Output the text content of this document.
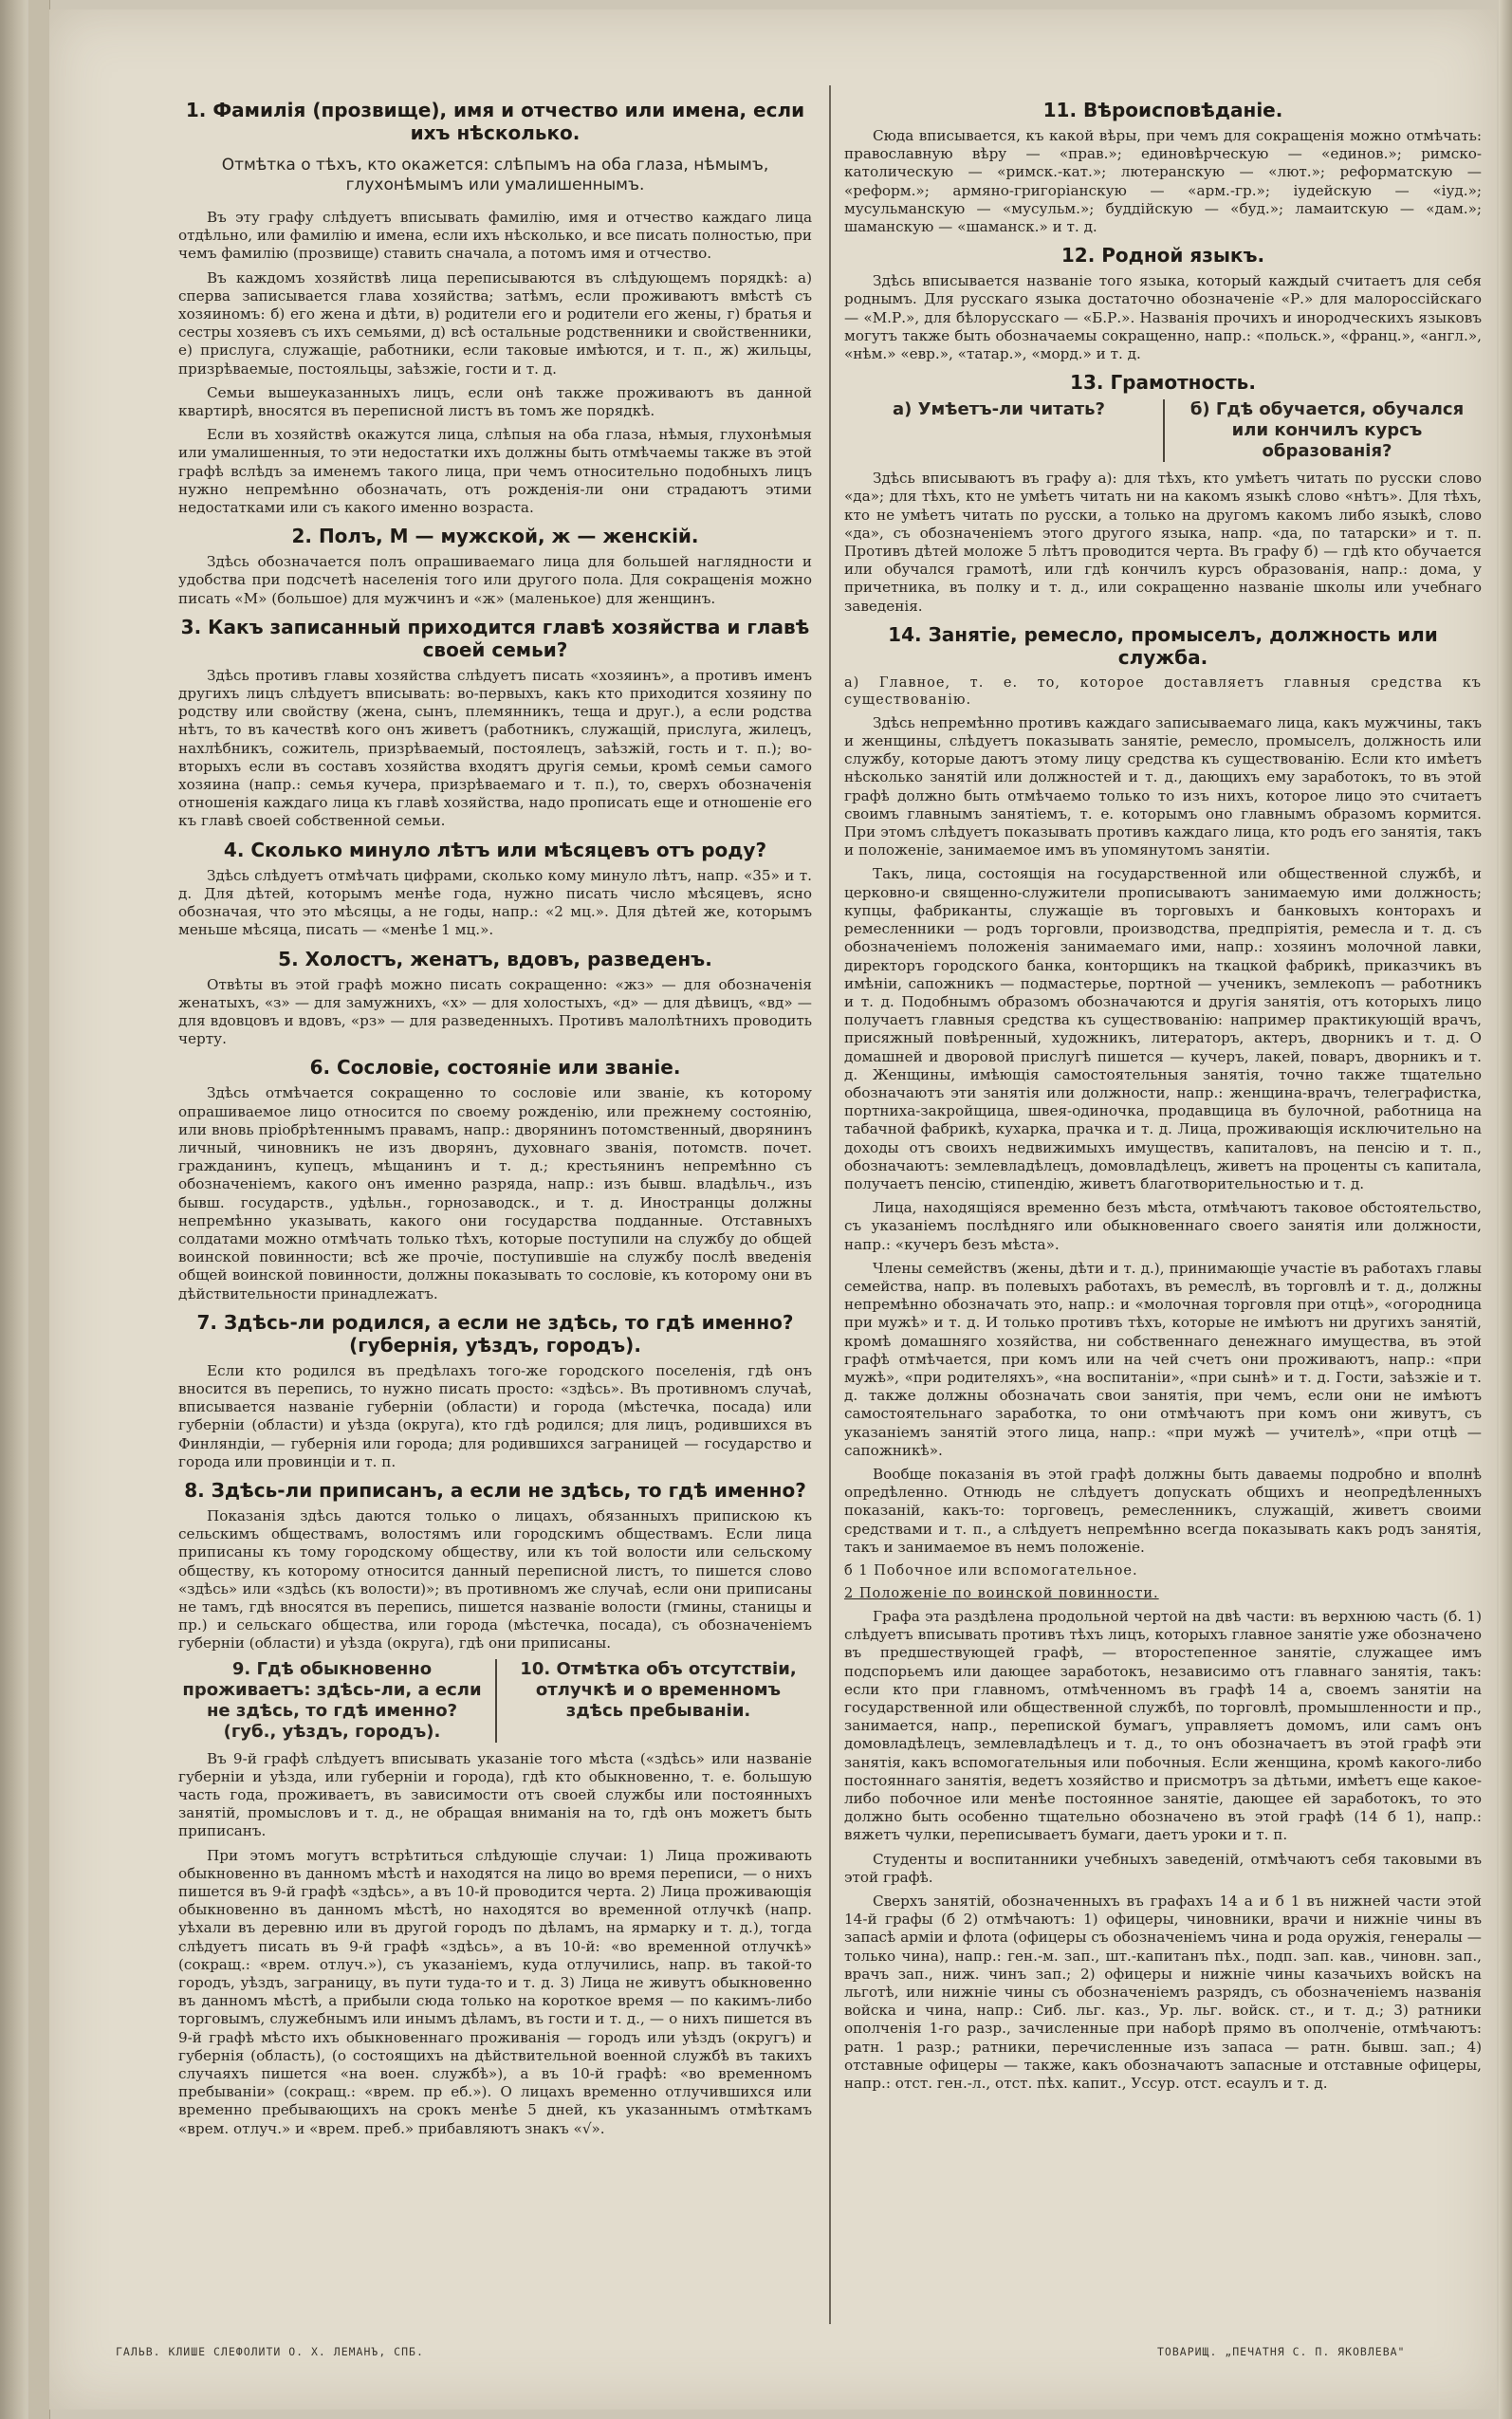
1. Фамилія (прозвище), имя и отчество или имена, если ихъ нѣсколько.

Отмѣтка о тѣхъ, кто окажется: слѣпымъ на оба глаза, нѣмымъ, глухонѣмымъ или умалишеннымъ.

Въ эту графу слѣдуетъ вписывать фамилію, имя и отчество каждаго лица отдѣльно, или фамилію и имена, если ихъ нѣсколько, и все писать полностью, при чемъ фамилію (прозвище) ставить сначала, а потомъ имя и отчество.

Въ каждомъ хозяйствѣ лица переписываются въ слѣдующемъ порядкѣ: а) сперва записывается глава хозяйства; затѣмъ, если проживаютъ вмѣстѣ съ хозяиномъ: б) его жена и дѣти, в) родители его и родители его жены, г) братья и сестры хозяевъ съ ихъ семьями, д) всѣ остальные родственники и свойственники, е) прислуга, служащіе, работники, если таковые имѣются, и т. п., ж) жильцы, призрѣваемые, постояльцы, заѣзжіе, гости и т. д.

Семьи вышеуказанныхъ лицъ, если онѣ также проживаютъ въ данной квартирѣ, вносятся въ переписной листъ въ томъ же порядкѣ.

Если въ хозяйствѣ окажутся лица, слѣпыя на оба глаза, нѣмыя, глухонѣмыя или умалишенныя, то эти недостатки ихъ должны быть отмѣчаемы также въ этой графѣ вслѣдъ за именемъ такого лица, при чемъ относительно подобныхъ лицъ нужно непремѣнно обозначать, отъ рожденія-ли они страдаютъ этими недостатками или съ какого именно возраста.

2. Полъ, М — мужской, ж — женскій.

Здѣсь обозначается полъ опрашиваемаго лица для большей наглядности и удобства при подсчетѣ населенія того или другого пола. Для сокращенія можно писать «М» (большое) для мужчинъ и «ж» (маленькое) для женщинъ.

3. Какъ записанный приходится главѣ хозяйства и главѣ своей семьи?

Здѣсь противъ главы хозяйства слѣдуетъ писать «хозяинъ», а противъ именъ другихъ лицъ слѣдуетъ вписывать: во-первыхъ, какъ кто приходится хозяину по родству или свойству (жена, сынъ, племянникъ, теща и друг.), а если родства нѣтъ, то въ качествѣ кого онъ живетъ (работникъ, служащій, прислуга, жилецъ, нахлѣбникъ, сожитель, призрѣваемый, постоялецъ, заѣзжій, гость и т. п.); во-вторыхъ если въ составъ хозяйства входятъ другія семьи, кромѣ семьи самого хозяина (напр.: семья кучера, призрѣваемаго и т. п.), то, сверхъ обозначенія отношенія каждаго лица къ главѣ хозяйства, надо прописать еще и отношеніе его къ главѣ своей собственной семьи.

4. Сколько минуло лѣтъ или мѣсяцевъ отъ роду?

Здѣсь слѣдуетъ отмѣчать цифрами, сколько кому минуло лѣтъ, напр. «35» и т. д. Для дѣтей, которымъ менѣе года, нужно писать число мѣсяцевъ, ясно обозначая, что это мѣсяцы, а не годы, напр.: «2 мц.». Для дѣтей же, которымъ меньше мѣсяца, писать — «менѣе 1 мц.».

5. Холостъ, женатъ, вдовъ, разведенъ.

Отвѣты въ этой графѣ можно писать сокращенно: «жз» — для обозначенія женатыхъ, «з» — для замужнихъ, «х» — для холостыхъ, «д» — для дѣвицъ, «вд» — для вдовцовъ и вдовъ, «рз» — для разведенныхъ. Противъ малолѣтнихъ проводить черту.

6. Сословіе, состояніе или званіе.

Здѣсь отмѣчается сокращенно то сословіе или званіе, къ которому опрашиваемое лицо относится по своему рожденію, или прежнему состоянію, или вновь пріобрѣтеннымъ правамъ, напр.: дворянинъ потомственный, дворянинъ личный, чиновникъ не изъ дворянъ, духовнаго званія, потомств. почет. гражданинъ, купецъ, мѣщанинъ и т. д.; крестьянинъ непремѣнно съ обозначеніемъ, какого онъ именно разряда, напр.: изъ бывш. владѣльч., изъ бывш. государств., удѣльн., горнозаводск., и т. д. Иностранцы должны непремѣнно указывать, какого они государства подданные. Отставныхъ солдатами можно отмѣчать только тѣхъ, которые поступили на службу до общей воинской повинности; всѣ же прочіе, поступившіе на службу послѣ введенія общей воинской повинности, должны показывать то сословіе, къ которому они въ дѣйствительности принадлежатъ.

7. Здѣсь-ли родился, а если не здѣсь, то гдѣ именно? (губернія, уѣздъ, городъ).

Если кто родился въ предѣлахъ того-же городского поселенія, гдѣ онъ вносится въ перепись, то нужно писать просто: «здѣсь». Въ противномъ случаѣ, вписывается названіе губерніи (области) и города (мѣстечка, посада) или губерніи (области) и уѣзда (округа), кто гдѣ родился; для лицъ, родившихся въ Финляндіи, — губернія или города; для родившихся заграницей — государство и города или провинціи и т. п.

8. Здѣсь-ли приписанъ, а если не здѣсь, то гдѣ именно?

Показанія здѣсь даются только о лицахъ, обязанныхъ припискою къ сельскимъ обществамъ, волостямъ или городскимъ обществамъ. Если лица приписаны къ тому городскому обществу, или къ той волости или сельскому обществу, къ которому относится данный переписной листъ, то пишется слово «здѣсь» или «здѣсь (къ волости)»; въ противномъ же случаѣ, если они приписаны не тамъ, гдѣ вносятся въ перепись, пишется названіе волости (гмины, станицы и пр.) и сельскаго общества, или города (мѣстечка, посада), съ обозначеніемъ губерніи (области) и уѣзда (округа), гдѣ они приписаны.

9. Гдѣ обыкновенно проживаетъ: здѣсь-ли, а если не здѣсь, то гдѣ именно? (губ., уѣздъ, городъ).
10. Отмѣтка объ отсутствіи, отлучкѣ и о временномъ здѣсь пребываніи.

Въ 9-й графѣ слѣдуетъ вписывать указаніе того мѣста («здѣсь» или названіе губерніи и уѣзда, или губерніи и города), гдѣ кто обыкновенно, т. е. большую часть года, проживаетъ, въ зависимости отъ своей службы или постоянныхъ занятій, промысловъ и т. д., не обращая вниманія на то, гдѣ онъ можетъ быть приписанъ.

При этомъ могутъ встрѣтиться слѣдующіе случаи: 1) Лица проживають обыкновенно въ данномъ мѣстѣ и находятся на лицо во время переписи, — о нихъ пишется въ 9-й графѣ «здѣсь», а въ 10-й проводится черта. 2) Лица проживающія обыкновенно въ данномъ мѣстѣ, но находятся во временной отлучкѣ (напр. уѣхали въ деревню или въ другой городъ по дѣламъ, на ярмарку и т. д.), тогда слѣдуетъ писать въ 9-й графѣ «здѣсь», а въ 10-й: «во временной отлучкѣ» (сокращ.: «врем. отлуч.»), съ указаніемъ, куда отлучились, напр. въ такой-то городъ, уѣздъ, заграницу, въ пути туда-то и т. д. 3) Лица не живутъ обыкновенно въ данномъ мѣстѣ, а прибыли сюда только на короткое время — по какимъ-либо торговымъ, служебнымъ или инымъ дѣламъ, въ гости и т. д., — о нихъ пишется въ 9-й графѣ мѣсто ихъ обыкновеннаго проживанія — городъ или уѣздъ (округъ) и губернія (область), (о состоящихъ на дѣйствительной военной службѣ въ такихъ случаяхъ пишется «на воен. службѣ»), а въ 10-й графѣ: «во временномъ пребываніи» (сокращ.: «врем. пр еб.»). О лицахъ временно отлучившихся или временно пребывающихъ на срокъ менѣе 5 дней, къ указаннымъ отмѣткамъ «врем. отлуч.» и «врем. преб.» прибавляютъ знакъ «√».

11. Вѣроисповѣданіе.

Сюда вписывается, къ какой вѣры, при чемъ для сокращенія можно отмѣчать: православную вѣру — «прав.»; единовѣрческую — «единов.»; римско-католическую — «римск.-кат.»; лютеранскую — «лют.»; реформатскую — «реформ.»; армяно-григоріанскую — «арм.-гр.»; іудейскую — «іуд.»; мусульманскую — «мусульм.»; буддійскую — «буд.»; ламаитскую — «дам.»; шаманскую — «шаманск.» и т. д.

12. Родной языкъ.

Здѣсь вписывается названіе того языка, который каждый считаетъ для себя роднымъ. Для русскаго языка достаточно обозначеніе «Р.» для малороссійскаго — «М.Р.», для бѣлорусскаго — «Б.Р.». Названія прочихъ и инородческихъ языковъ могутъ также быть обозначаемы сокращенно, напр.: «польск.», «франц.», «англ.», «нѣм.» «евр.», «татар.», «морд.» и т. д.

13. Грамотность.
а) Умѣетъ-ли читать?	б) Гдѣ обучается, обучался или кончилъ курсъ образованія?

Здѣсь вписываютъ въ графу а): для тѣхъ, кто умѣетъ читать по русски слово «да»; для тѣхъ, кто не умѣетъ читать ни на какомъ языкѣ слово «нѣтъ». Для тѣхъ, кто не умѣетъ читать по русски, а только на другомъ какомъ либо языкѣ, слово «да», съ обозначеніемъ этого другого языка, напр. «да, по татарски» и т. п. Противъ дѣтей моложе 5 лѣтъ проводится черта. Въ графу б) — гдѣ кто обучается или обучался грамотѣ, или гдѣ кончилъ курсъ образованія, напр.: дома, у причетника, въ полку и т. д., или сокращенно названіе школы или учебнаго заведенія.

14. Занятіе, ремесло, промыселъ, должность или служба.
а) Главное, т. е. то, которое доставляетъ главныя средства къ существованію.

Здѣсь непремѣнно противъ каждаго записываемаго лица, какъ мужчины, такъ и женщины, слѣдуетъ показывать занятіе, ремесло, промыселъ, должность или службу, которые даютъ этому лицу средства къ существованію. Если кто имѣетъ нѣсколько занятій или должностей и т. д., дающихъ ему заработокъ, то въ этой графѣ должно быть отмѣчаемо только то изъ нихъ, которое лицо это считаетъ своимъ главнымъ занятіемъ, т. е. которымъ оно главнымъ образомъ кормится. При этомъ слѣдуетъ показывать противъ каждаго лица, кто родъ его занятія, такъ и положеніе, занимаемое имъ въ упомянутомъ занятіи.

Такъ, лица, состоящія на государственной или общественной службѣ, и церковно-и священно-служители прописываютъ занимаемую ими должность; купцы, фабриканты, служащіе въ торговыхъ и банковыхъ конторахъ и ремесленники — родъ торговли, производства, предпріятія, ремесла и т. д. съ обозначеніемъ положенія занимаемаго ими, напр.: хозяинъ молочной лавки, директоръ городского банка, конторщикъ на ткацкой фабрикѣ, приказчикъ въ имѣніи, сапожникъ — подмастерье, портной — ученикъ, землекопъ — работникъ и т. д. Подобнымъ образомъ обозначаются и другія занятія, отъ которыхъ лицо получаетъ главныя средства къ существованію: например практикующій врачъ, присяжный повѣренный, художникъ, литераторъ, актеръ, дворникъ и т. д. О домашней и дворовой прислугѣ пишется — кучеръ, лакей, поваръ, дворникъ и т. д. Женщины, имѣющія самостоятельныя занятія, точно также тщательно обозначаютъ эти занятія или должности, напр.: женщина-врачъ, телеграфистка, портниха-закройщица, швея-одиночка, продавщица въ булочной, работница на табачной фабрикѣ, кухарка, прачка и т. д. Лица, проживающія исключительно на доходы отъ своихъ недвижимыхъ имуществъ, капиталовъ, на пенсію и т. п., обозначаютъ: землевладѣлецъ, домовладѣлецъ, живетъ на проценты съ капитала, получаетъ пенсію, стипендію, живетъ благотворительностью и т. д.

Лица, находящіяся временно безъ мѣста, отмѣчаютъ таковое обстоятельство, съ указаніемъ послѣдняго или обыкновеннаго своего занятія или должности, напр.: «кучеръ безъ мѣста».

Члены семействъ (жены, дѣти и т. д.), принимающіе участіе въ работахъ главы семейства, напр. въ полевыхъ работахъ, въ ремеслѣ, въ торговлѣ и т. д., должны непремѣнно обозначать это, напр.: и «молочная торговля при отцѣ», «огородница при мужѣ» и т. д. И только противъ тѣхъ, которые не имѣютъ ни другихъ занятій, кромѣ домашняго хозяйства, ни собственнаго денежнаго имущества, въ этой графѣ отмѣчается, при комъ или на чей счетъ они проживаютъ, напр.: «при мужѣ», «при родителяхъ», «на воспитаніи», «при сынѣ» и т. д. Гости, заѣзжіе и т. д. также должны обозначать свои занятія, при чемъ, если они не имѣютъ самостоятельнаго заработка, то они отмѣчаютъ при комъ они живутъ, съ указаніемъ занятій этого лица, напр.: «при мужѣ — учителѣ», «при отцѣ — сапожникѣ».

Вообще показанія въ этой графѣ должны быть даваемы подробно и вполнѣ опредѣленно. Отнюдь не слѣдуетъ допускать общихъ и неопредѣленныхъ показаній, какъ-то: торговецъ, ремесленникъ, служащій, живетъ своими средствами и т. п., а слѣдуетъ непремѣнно всегда показывать какъ родъ занятія, такъ и занимаемое въ немъ положеніе.

б 1 Побочное или вспомогательное.
2 Положеніе по воинской повинности.

Графа эта раздѣлена продольной чертой на двѣ части: въ верхнюю часть (б. 1) слѣдуетъ вписывать противъ тѣхъ лицъ, которыхъ главное занятіе уже обозначено въ предшествующей графѣ, — второстепенное занятіе, служащее имъ подспорьемъ или дающее заработокъ, независимо отъ главнаго занятія, такъ: если кто при главномъ, отмѣченномъ въ графѣ 14 а, своемъ занятіи на государственной или общественной службѣ, по торговлѣ, промышленности и пр., занимается, напр., перепиской бумагъ, управляетъ домомъ, или самъ онъ домовладѣлецъ, землевладѣлецъ и т. д., то онъ обозначаетъ въ этой графѣ эти занятія, какъ вспомогательныя или побочныя. Если женщина, кромѣ какого-либо постояннаго занятія, ведетъ хозяйство и присмотръ за дѣтьми, имѣетъ еще какое-либо побочное или менѣе постоянное занятіе, дающее ей заработокъ, то это должно быть особенно тщательно обозначено въ этой графѣ (14 б 1), напр.: вяжетъ чулки, переписываетъ бумаги, даетъ уроки и т. п.

Студенты и воспитанники учебныхъ заведеній, отмѣчаютъ себя таковыми въ этой графѣ.

Сверхъ занятій, обозначенныхъ въ графахъ 14 а и б 1 въ нижней части этой 14-й графы (б 2) отмѣчаютъ: 1) офицеры, чиновники, врачи и нижніе чины въ запасѣ арміи и флота (офицеры съ обозначеніемъ чина и рода оружія, генералы — только чина), напр.: ген.-м. зап., шт.-капитанъ пѣх., подп. зап. кав., чиновн. зап., врачъ зап., ниж. чинъ зап.; 2) офицеры и нижніе чины казачьихъ войскъ на льготѣ, или нижніе чины съ обозначеніемъ разрядъ, съ обозначеніемъ названія войска и чина, напр.: Сиб. льг. каз., Ур. льг. войск. ст., и т. д.; 3) ратники ополченія 1-го разр., зачисленные при наборѣ прямо въ ополченіе, отмѣчаютъ: ратн. 1 разр.; ратники, перечисленные изъ запаса — ратн. бывш. зап.; 4) отставные офицеры — также, какъ обозначаютъ запасные и отставные офицеры, напр.: отст. ген.-л., отст. пѣх. капит., Уссур. отст. есаулъ и т. д.

ГАЛЬВ. КЛИШЕ СЛЕФОЛИТИ О. Х. ЛЕМАНЪ, СПБ.	ТОВАРИЩ. „ПЕЧАТНЯ С. П. ЯКОВЛЕВА"
